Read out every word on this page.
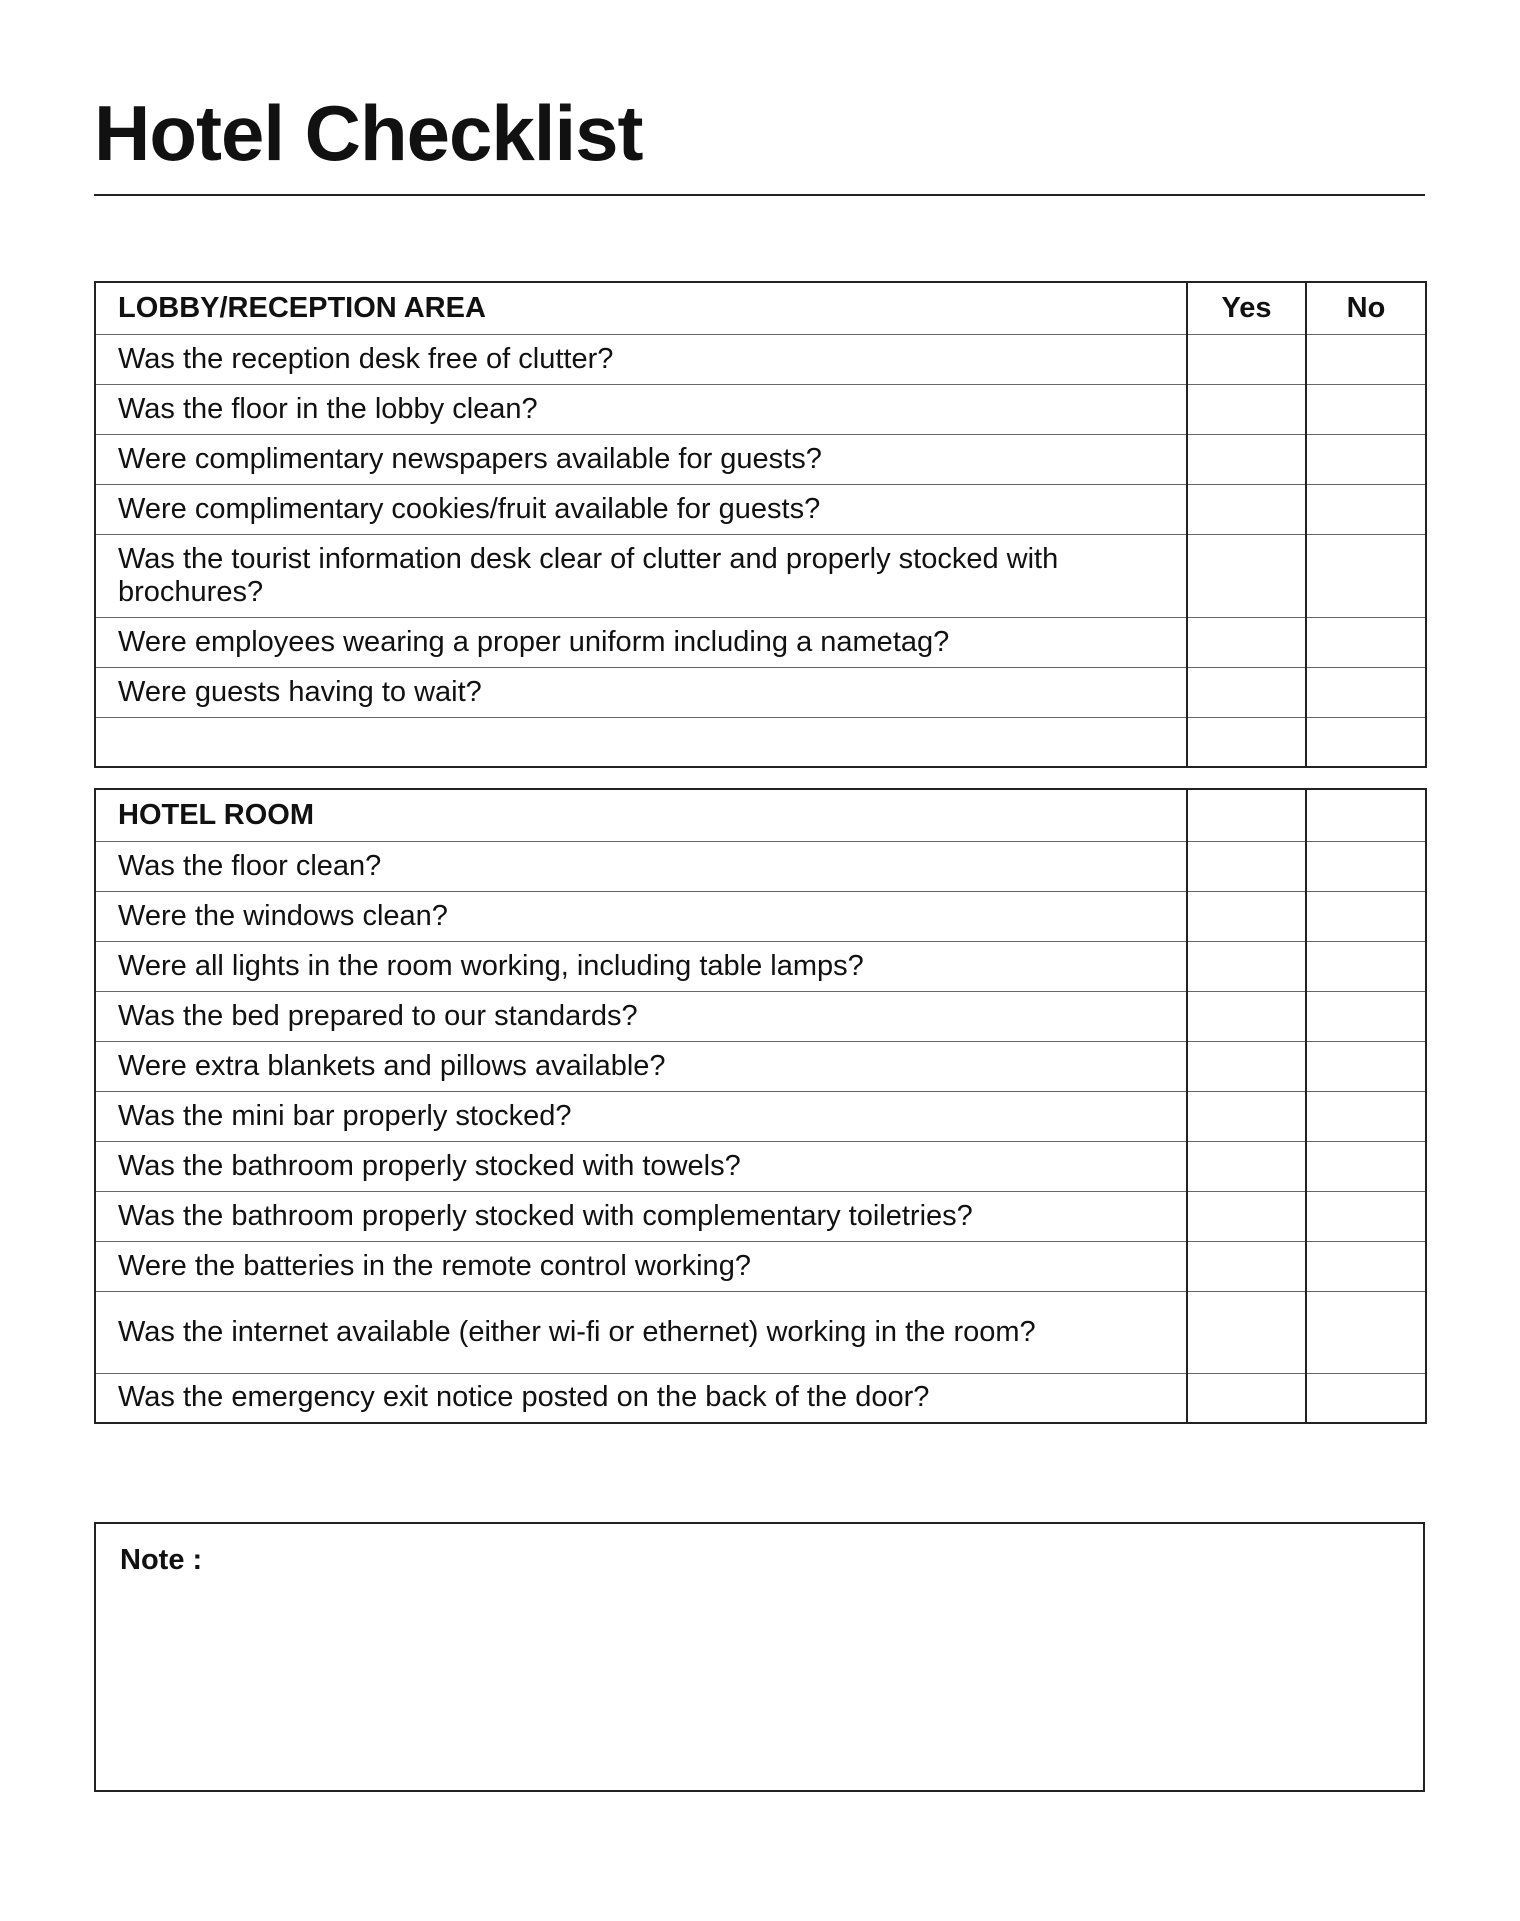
Hotel Checklist
LOBBY/RECEPTION AREA	Yes	No
Was the reception desk free of clutter?		
Was the floor in the lobby clean?		
Were complimentary newspapers available for guests?		
Were complimentary cookies/fruit available for guests?		
Was the tourist information desk clear of clutter and properly stocked with brochures?		
Were employees wearing a proper uniform including a nametag?		
Were guests having to wait?		

HOTEL ROOM		
Was the floor clean?		
Were the windows clean?		
Were all lights in the room working, including table lamps?		
Was the bed prepared to our standards?		
Were extra blankets and pillows available?		
Was the mini bar properly stocked?		
Was the bathroom properly stocked with towels?		
Was the bathroom properly stocked with complementary toiletries?		
Were the batteries in the remote control working?		
Was the internet available (either wi-fi or ethernet) working in the room?		
Was the emergency exit notice posted on the back of the door?		
Note :
